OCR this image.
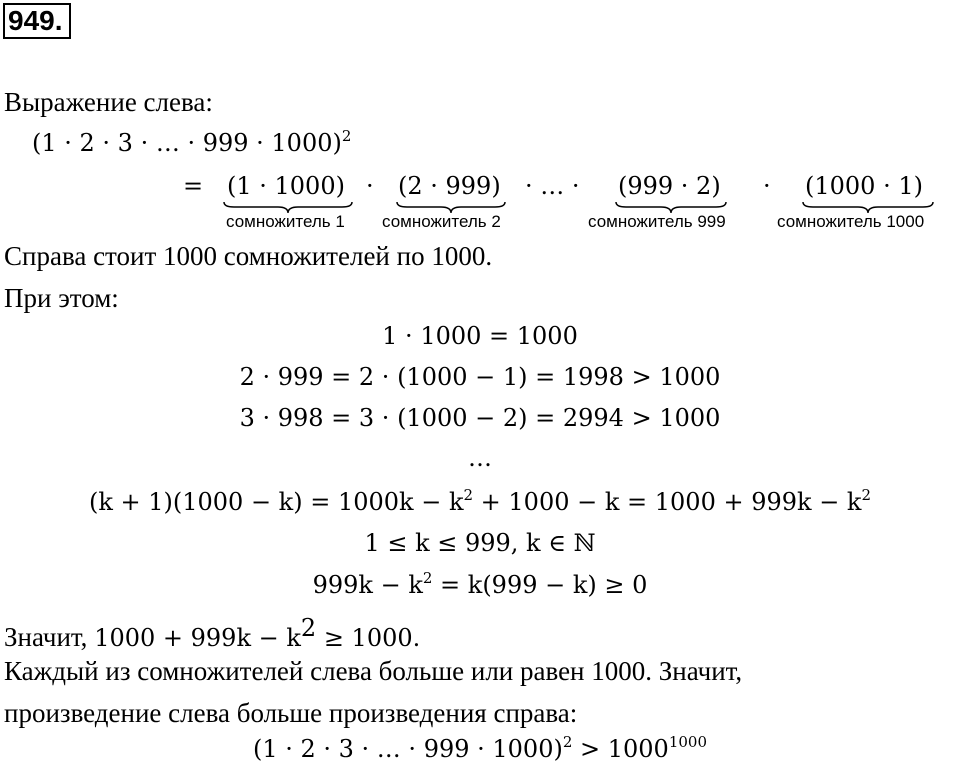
949.
Выражение слева:
(1 · 2 · 3 · … · 999 · 1000)$^2$
= (1 · 1000) · (2 · 999) · … · (999 · 2) · (1000 · 1)
сомножитель 1 сомножитель 2	сомножитель 999	сомножитель 1000
Справа стоит 1000 сомножителей по 1000.
При этом:
1 · 1000 = 1000
2 · 999 = 2 · (1000 − 1) = 1998 > 1000
3 · 998 = 3 · (1000 − 2) = 2994 > 1000
…
$(k + 1)(1000 - k) = 1000k - k^2 + 1000 - k = 1000 + 999k - k^2$
1 ≤ k ≤ 999, k ∈ ℕ
$999k - k^2 = k(999 - k) \ge 0$
Значит, $1000 + 999k - k^2 \ge 1000$.
Каждый из сомножителей слева больше или равен 1000. Значит,
произведение слева больше произведения справа:
(1 · 2 · 3 · … · $999 \cdot 1000)^2 > 1000^{1000}$
